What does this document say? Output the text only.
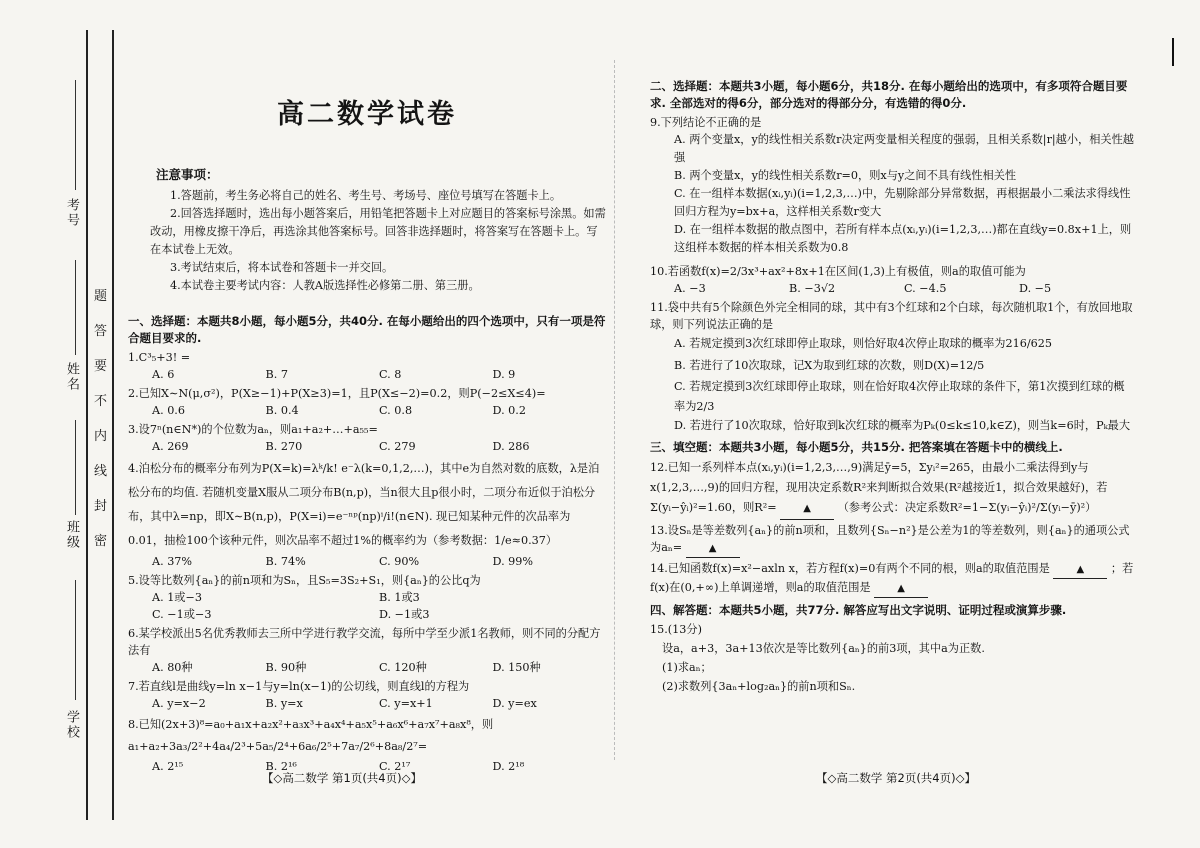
考号
姓名
班级
学校
题
答
要
不
内
线
封
密
高二数学试卷
注意事项：
1.答题前，考生务必将自己的姓名、考生号、考场号、座位号填写在答题卡上。
2.回答选择题时，选出每小题答案后，用铅笔把答题卡上对应题目的答案标号涂黑。如需改动，用橡皮擦干净后，再选涂其他答案标号。回答非选择题时，将答案写在答题卡上。写在本试卷上无效。
3.考试结束后，将本试卷和答题卡一并交回。
4.本试卷主要考试内容：人教A版选择性必修第二册、第三册。
一、选择题：本题共8小题，每小题5分，共40分. 在每小题给出的四个选项中，只有一项是符合题目要求的.
1.C³₅+3! =
A. 6	B. 7	C. 8	D. 9
2.已知X∼N(μ,σ²)，P(X≥−1)+P(X≥3)=1，且P(X≤−2)=0.2，则P(−2≤X≤4)=
A. 0.6	B. 0.4	C. 0.8	D. 0.2
3.设7ⁿ(n∈N*)的个位数为aₙ，则a₁+a₂+…+a₅₅=
A. 269	B. 270	C. 279	D. 286
4.泊松分布的概率分布列为P(X=k)=λᵏ/k! e⁻λ(k=0,1,2,…)，其中e为自然对数的底数，λ是泊松分布的均值. 若随机变量X服从二项分布B(n,p)，当n很大且p很小时，二项分布近似于泊松分布，其中λ=np，即X∼B(n,p)，P(X=i)=e⁻ⁿᵖ(np)ⁱ/i!(n∈N). 现已知某种元件的次品率为0.01，抽检100个该种元件，则次品率不超过1%的概率约为（参考数据：1/e≈0.37）
A. 37%	B. 74%	C. 90%	D. 99%
5.设等比数列{aₙ}的前n项和为Sₙ，且S₅=3S₂+S₁，则{aₙ}的公比q为
A. 1或−3	B. 1或3
C. −1或−3	D. −1或3
6.某学校派出5名优秀教师去三所中学进行教学交流，每所中学至少派1名教师，则不同的分配方法有
A. 80种	B. 90种	C. 120种	D. 150种
7.若直线l是曲线y=ln x−1与y=ln(x−1)的公切线，则直线l的方程为
A. y=x−2	B. y=x	C. y=x+1	D. y=ex
8.已知(2x+3)⁸=a₀+a₁x+a₂x²+a₃x³+a₄x⁴+a₅x⁵+a₆x⁶+a₇x⁷+a₈x⁸，则a₁+a₂+3a₃/2²+4a₄/2³+5a₅/2⁴+6a₆/2⁵+7a₇/2⁶+8a₈/2⁷=
A. 2¹⁵	B. 2¹⁶	C. 2¹⁷	D. 2¹⁸
【◇高二数学 第1页(共4页)◇】
二、选择题：本题共3小题，每小题6分，共18分. 在每小题给出的选项中，有多项符合题目要求. 全部选对的得6分，部分选对的得部分分，有选错的得0分.
9.下列结论不正确的是
A. 两个变量x，y的线性相关系数r决定两变量相关程度的强弱，且相关系数|r|越小，相关性越强
B. 两个变量x，y的线性相关系数r=0，则x与y之间不具有线性相关性
C. 在一组样本数据(xᵢ,yᵢ)(i=1,2,3,…)中，先剔除部分异常数据，再根据最小二乘法求得线性回归方程为y=bx+a，这样相关系数r变大
D. 在一组样本数据的散点图中，若所有样本点(xᵢ,yᵢ)(i=1,2,3,…)都在直线y=0.8x+1上，则这组样本数据的样本相关系数为0.8
10.若函数f(x)=2/3x³+ax²+8x+1在区间(1,3)上有极值，则a的取值可能为
A. −3	B. −3√2	C. −4.5	D. −5
11.袋中共有5个除颜色外完全相同的球，其中有3个红球和2个白球，每次随机取1个，有放回地取球，则下列说法正确的是
A. 若规定摸到3次红球即停止取球，则恰好取4次停止取球的概率为216/625
B. 若进行了10次取球，记X为取到红球的次数，则D(X)=12/5
C. 若规定摸到3次红球即停止取球，则在恰好取4次停止取球的条件下，第1次摸到红球的概率为2/3
D. 若进行了10次取球，恰好取到k次红球的概率为Pₖ(0≤k≤10,k∈Z)，则当k=6时，Pₖ最大
三、填空题：本题共3小题，每小题5分，共15分. 把答案填在答题卡中的横线上.
12.已知一系列样本点(xᵢ,yᵢ)(i=1,2,3,…,9)满足ȳ=5，Σyᵢ²=265，由最小二乘法得到y与x(1,2,3,…,9)的回归方程，现用决定系数R²来判断拟合效果(R²越接近1，拟合效果越好)，若Σ(yᵢ−ŷᵢ)²=1.60，则R²=	▲ （参考公式：决定系数R²=1−Σ(yᵢ−ŷᵢ)²/Σ(yᵢ−ȳ)²）
13.设Sₙ是等差数列{aₙ}的前n项和，且数列{Sₙ−n²}是公差为1的等差数列，则{aₙ}的通项公式为aₙ=	▲
14.已知函数f(x)=x²−axln x，若方程f(x)=0有两个不同的根，则a的取值范围是	▲ ；若f(x)在(0,+∞)上单调递增，则a的取值范围是	▲
四、解答题：本题共5小题，共77分. 解答应写出文字说明、证明过程或演算步骤.
15.(13分)
设a，a+3，3a+13依次是等比数列{aₙ}的前3项，其中a为正数.
(1)求aₙ；
(2)求数列{3aₙ+log₂aₙ}的前n项和Sₙ.
【◇高二数学 第2页(共4页)◇】
